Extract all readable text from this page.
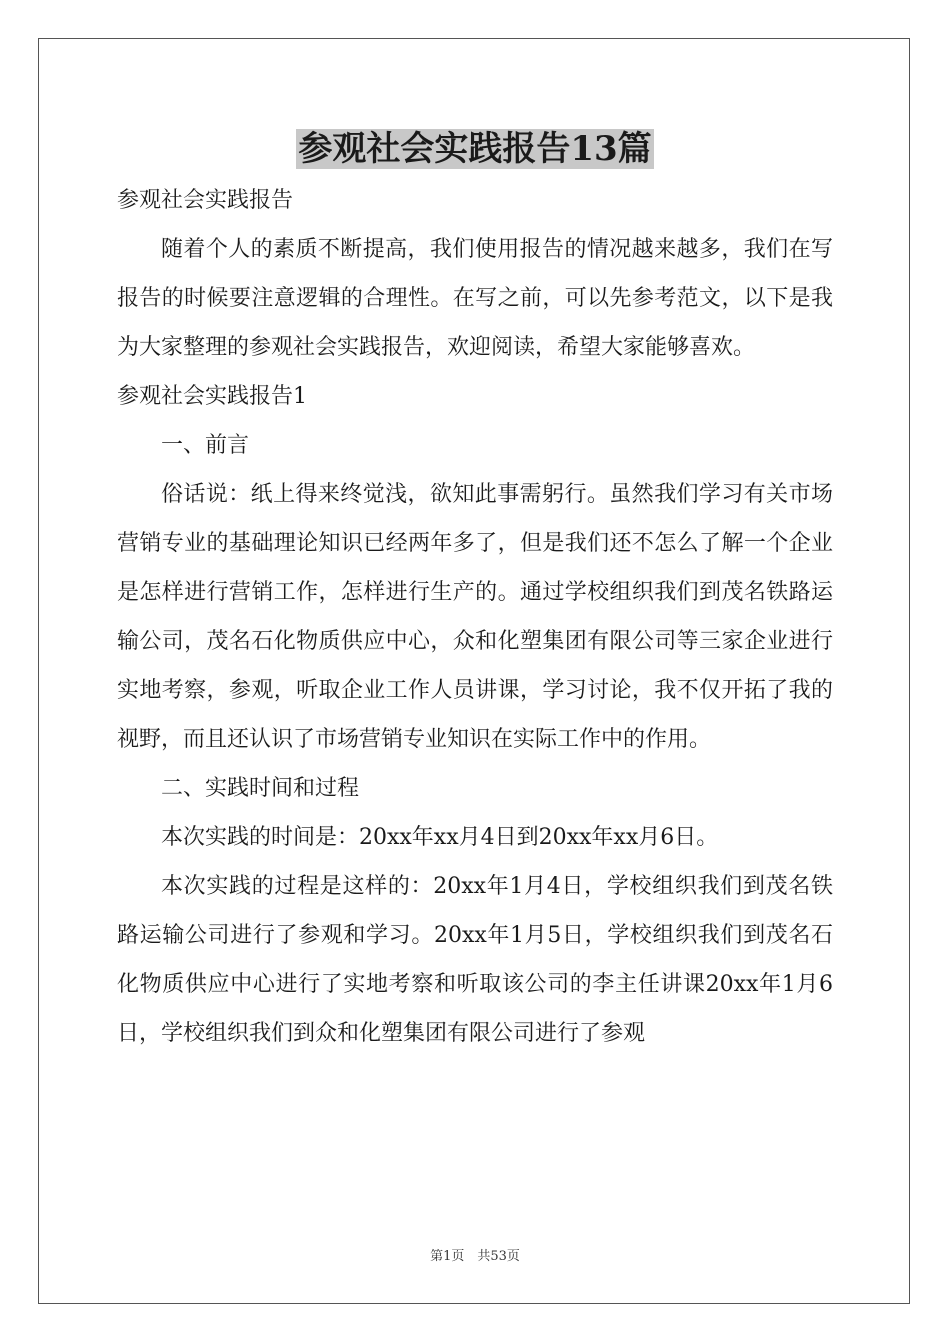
参观社会实践报告13篇

参观社会实践报告

随着个人的素质不断提高，我们使用报告的情况越来越多，我们在写报告的时候要注意逻辑的合理性。在写之前，可以先参考范文，以下是我为大家整理的参观社会实践报告，欢迎阅读，希望大家能够喜欢。

参观社会实践报告1

一、前言

俗话说：纸上得来终觉浅，欲知此事需躬行。虽然我们学习有关市场营销专业的基础理论知识已经两年多了，但是我们还不怎么了解一个企业是怎样进行营销工作，怎样进行生产的。通过学校组织我们到茂名铁路运输公司，茂名石化物质供应中心，众和化塑集团有限公司等三家企业进行实地考察，参观，听取企业工作人员讲课，学习讨论，我不仅开拓了我的视野，而且还认识了市场营销专业知识在实际工作中的作用。

二、实践时间和过程

本次实践的时间是：20xx年xx月4日到20xx年xx月6日。

本次实践的过程是这样的：20xx年1月4日，学校组织我们到茂名铁路运输公司进行了参观和学习。20xx年1月5日，学校组织我们到茂名石化物质供应中心进行了实地考察和听取该公司的李主任讲课20xx年1月6日，学校组织我们到众和化塑集团有限公司进行了参观

第1页　共53页
